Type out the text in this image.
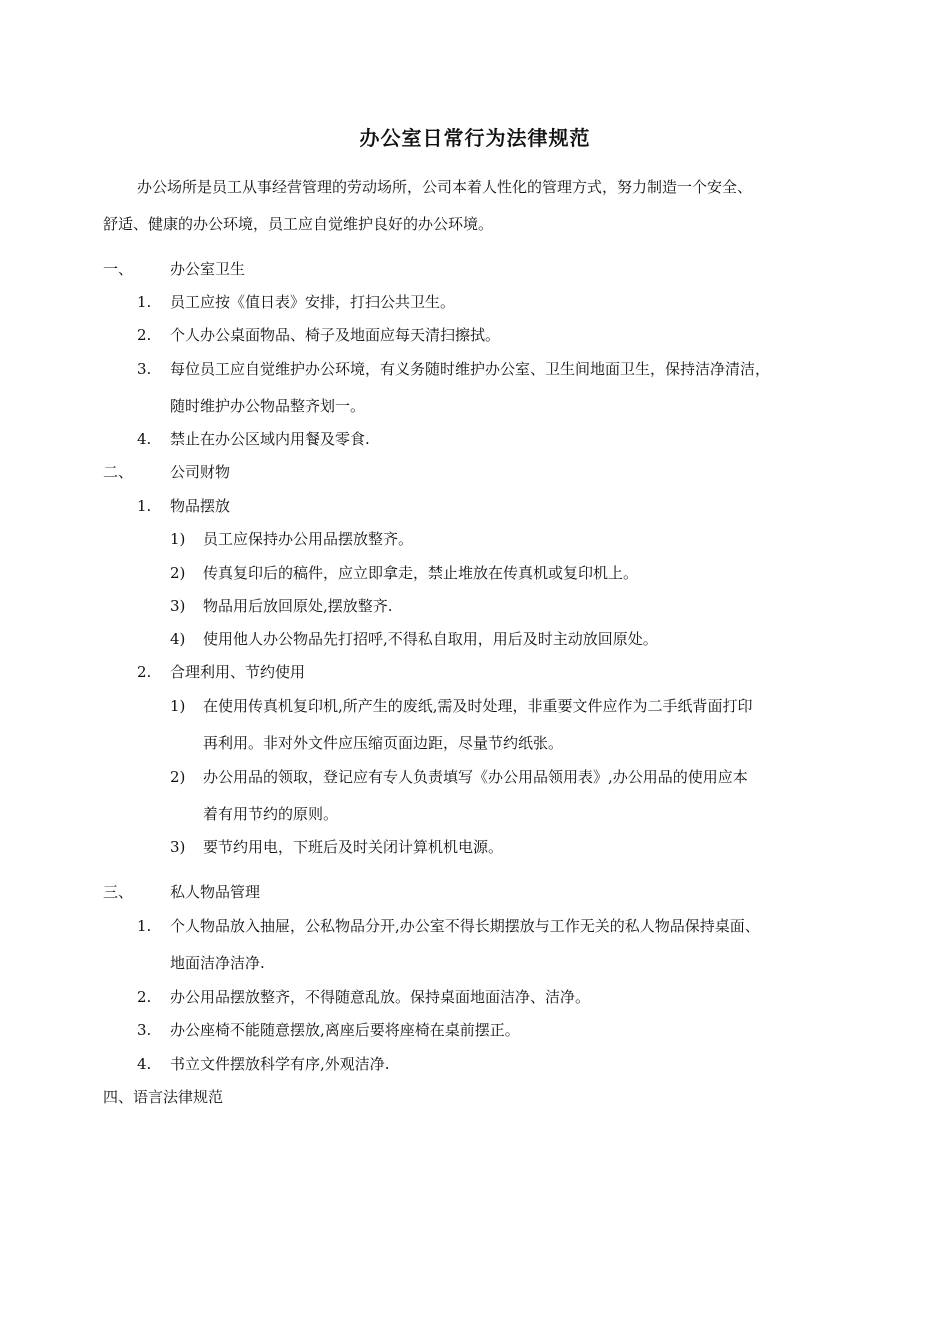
办公室日常行为法律规范
办公场所是员工从事经营管理的劳动场所，公司本着人性化的管理方式，努力制造一个安全、
舒适、健康的办公环境，员工应自觉维护良好的办公环境。
一、 办公室卫生
1. 员工应按《值日表》安排，打扫公共卫生。
2. 个人办公桌面物品、椅子及地面应每天清扫擦拭。
3. 每位员工应自觉维护办公环境，有义务随时维护办公室、卫生间地面卫生，保持洁净清洁，
随时维护办公物品整齐划一。
4. 禁止在办公区域内用餐及零食.
二、 公司财物
1. 物品摆放
1) 员工应保持办公用品摆放整齐。
2) 传真复印后的稿件，应立即拿走，禁止堆放在传真机或复印机上。
3) 物品用后放回原处,摆放整齐.
4) 使用他人办公物品先打招呼,不得私自取用，用后及时主动放回原处。
2. 合理利用、节约使用
1) 在使用传真机复印机,所产生的废纸,需及时处理，非重要文件应作为二手纸背面打印
再利用。非对外文件应压缩页面边距，尽量节约纸张。
2) 办公用品的领取，登记应有专人负责填写《办公用品领用表》,办公用品的使用应本
着有用节约的原则。
3) 要节约用电，下班后及时关闭计算机机电源。
三、 私人物品管理
1. 个人物品放入抽屉，公私物品分开,办公室不得长期摆放与工作无关的私人物品保持桌面、
地面洁净洁净.
2. 办公用品摆放整齐，不得随意乱放。保持桌面地面洁净、洁净。
3. 办公座椅不能随意摆放,离座后要将座椅在桌前摆正。
4. 书立文件摆放科学有序,外观洁净.
四、语言法律规范
